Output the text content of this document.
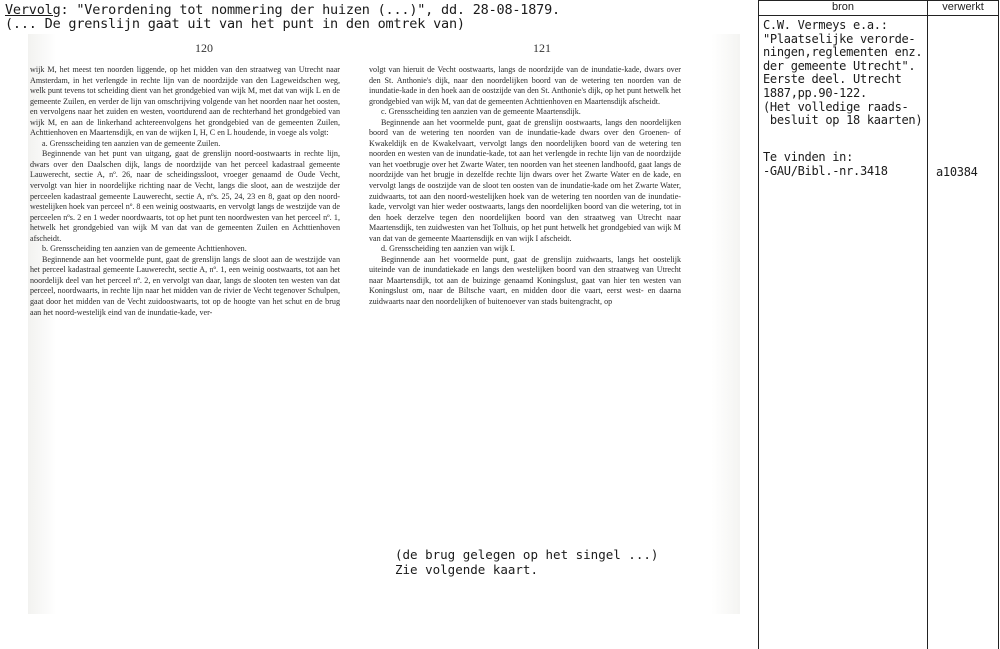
Vervolg: "Verordening tot nommering der huizen (...)", dd. 28-08-1879.
(... De grenslijn gaat uit van het punt in den omtrek van)
120	121

wijk M, het meest ten noorden liggende, op het midden van den straatweg van Utrecht naar Amsterdam, in het verlengde in rechte lijn van de noordzijde van den Lageweidschen weg, welk punt tevens tot scheiding dient van het grondgebied van wijk M, met dat van wijk L en de gemeente Zuilen, en verder de lijn van omschrijving volgende van het noorden naar het oosten, en vervolgens naar het zuiden en westen, voortdurend aan de rechterhand het grondgebied van wijk M, en aan de linkerhand achtereenvolgens het grondgebied van de gemeenten Zuilen, Achttienhoven en Maartensdijk, en van de wijken I, H, C en L houdende, in voege als volgt:

a. Grensscheiding ten aanzien van de gemeente Zuilen.

Beginnende van het punt van uitgang, gaat de grenslijn noord-oostwaarts in rechte lijn, dwars over den Daalschen dijk, langs de noordzijde van het perceel kadastraal gemeente Lauwerecht, sectie A, nº. 26, naar de scheidingssloot, vroeger genaamd de Oude Vecht, vervolgt van hier in noordelijke richting naar de Vecht, langs die sloot, aan de westzijde der perceelen kadastraal gemeente Lauwerecht, sectie A, nºs. 25, 24, 23 en 8, gaat op den noord-westelijken hoek van perceel nº. 8 een weinig oostwaarts, en vervolgt langs de westzijde van de perceelen nºs. 2 en 1 weder noordwaarts, tot op het punt ten noordwesten van het perceel nº. 1, hetwelk het grondgebied van wijk M van dat van de gemeenten Zuilen en Achttienhoven afscheidt.

b. Grensscheiding ten aanzien van de gemeente Achttienhoven.

Beginnende aan het voormelde punt, gaat de grenslijn langs de sloot aan de westzijde van het perceel kadastraal gemeente Lauwerecht, sectie A, nº. 1, een weinig oostwaarts, tot aan het noordelijk deel van het perceel nº. 2, en vervolgt van daar, langs de slooten ten westen van dat perceel, noordwaarts, in rechte lijn naar het midden van de rivier de Vecht tegenover Schulpen, gaat door het midden van de Vecht zuidoostwaarts, tot op de hoogte van het schut en de brug aan het noord-westelijk eind van de inundatie-kade, ver-

volgt van hieruit de Vecht oostwaarts, langs de noordzijde van de inundatie-kade, dwars over den St. Anthonie's dijk, naar den noordelijken boord van de wetering ten noorden van de inundatie-kade in den hoek aan de oostzijde van den St. Anthonie's dijk, op het punt hetwelk het grondgebied van wijk M, van dat de gemeenten Achttienhoven en Maartensdijk afscheidt.

c. Grensscheiding ten aanzien van de gemeente Maartensdijk.

Beginnende aan het voormelde punt, gaat de grenslijn oostwaarts, langs den noordelijken boord van de wetering ten noorden van de inundatie-kade dwars over den Groenen- of Kwakeldijk en de Kwakelvaart, vervolgt langs den noordelijken boord van de wetering ten noorden en westen van de inundatie-kade, tot aan het verlengde in rechte lijn van de noordzijde van het voetbrugje over het Zwarte Water, ten noorden van het steenen landhoofd, gaat langs de noordzijde van het brugje in dezelfde rechte lijn dwars over het Zwarte Water en de kade, en vervolgt langs de oostzijde van de sloot ten oosten van de inundatie-kade om het Zwarte Water, zuidwaarts, tot aan den noord-westelijken hoek van de wetering ten noorden van de inundatie-kade, vervolgt van hier weder oostwaarts, langs den noordelijken boord van die wetering, tot in den hoek derzelve tegen den noordelijken boord van den straatweg van Utrecht naar Maartensdijk, ten zuidwesten van het Tolhuis, op het punt hetwelk het grondgebied van wijk M van dat van de gemeente Maartensdijk en van wijk I afscheidt.

d. Grensscheiding ten aanzien van wijk I.

Beginnende aan het voormelde punt, gaat de grenslijn zuidwaarts, langs het oostelijk uiteinde van de inundatiekade en langs den westelijken boord van den straatweg van Utrecht naar Maartensdijk, tot aan de buizinge genaamd Koningslust, gaat van hier ten westen van Koningslust om, naar de Biltsche vaart, en midden door die vaart, eerst west- en daarna zuidwaarts naar den noordelijken of buitenoever van stads buitengracht, op

(de brug gelegen op het singel ...)
Zie volgende kaart.
bron	verwerkt
C.W. Vermeys e.a.:
"Plaatselijke verorde-
ningen,reglementen enz.
der gemeente Utrecht".
Eerste deel. Utrecht
1887,pp.90-122.
(Het volledige raads-
besluit op 18 kaarten)
Te vinden in:
-GAU/Bibl.-nr.3418	a10384
